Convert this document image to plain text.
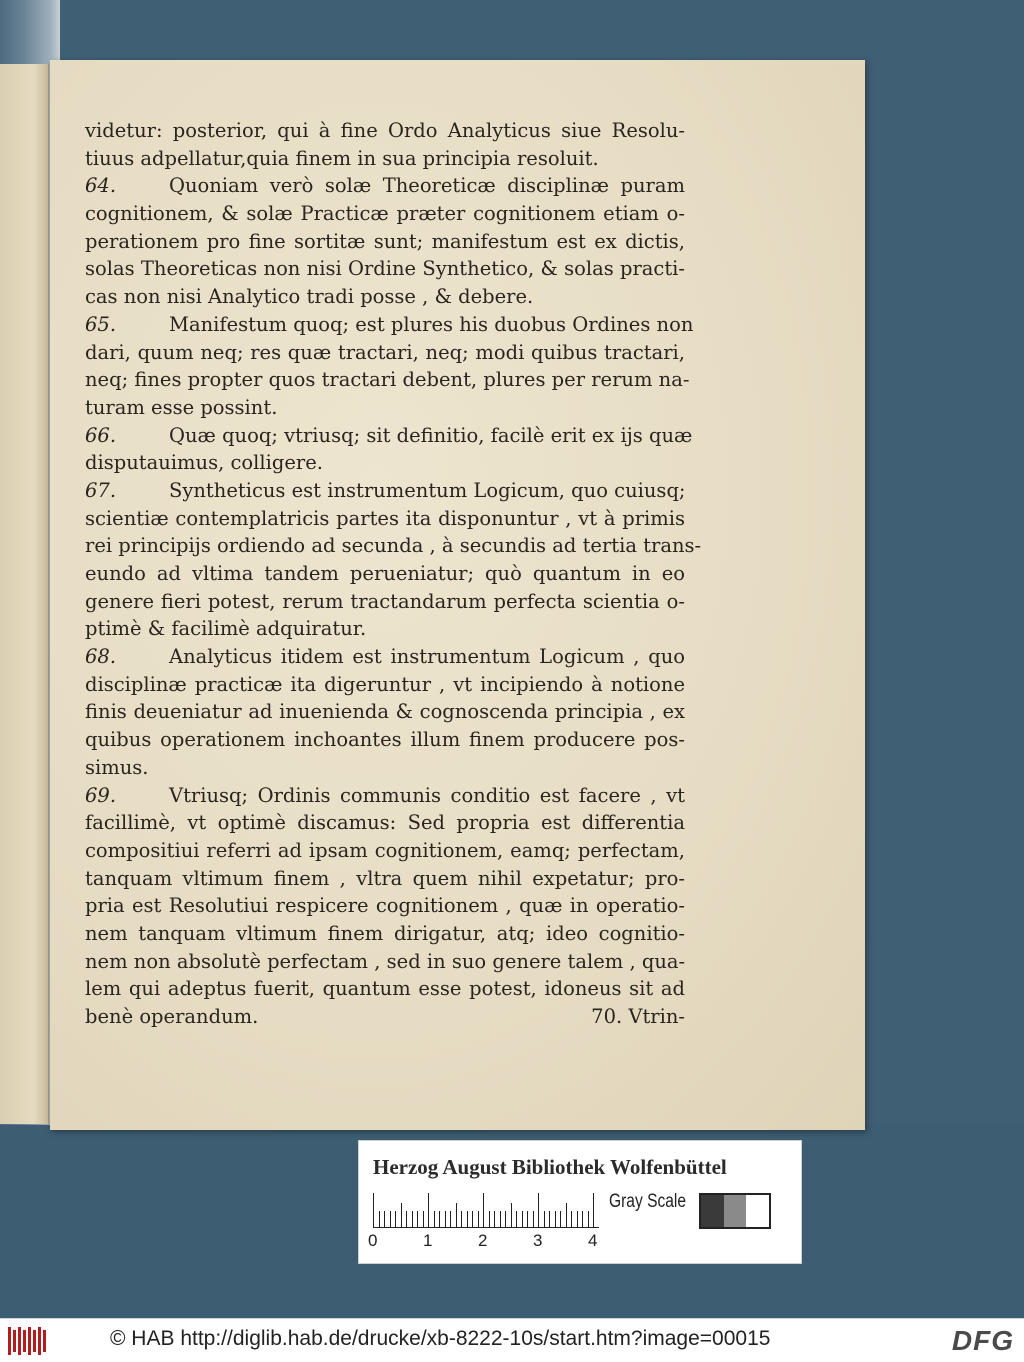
videtur: posterior, qui à fine Ordo Analyticus siue Resolu-
tiuus adpellatur,quia finem in sua principia resoluit.
64.	Quoniam verò solæ Theoreticæ disciplinæ puram
cognitionem, & solæ Practicæ præter cognitionem etiam o-
perationem pro fine sortitæ sunt; manifestum est ex dictis,
solas Theoreticas non nisi Ordine Synthetico, & solas practi-
cas non nisi Analytico tradi posse , & debere.
65.	Manifestum quoq; est plures his duobus Ordines non
dari, quum neq; res quæ tractari, neq; modi quibus tractari,
neq; fines propter quos tractari debent, plures per rerum na-
turam esse possint.
66.	Quæ quoq; vtriusq; sit definitio, facilè erit ex ijs quæ
disputauimus, colligere.
67.	Syntheticus est instrumentum Logicum, quo cuiusq;
scientiæ contemplatricis partes ita disponuntur , vt à primis
rei principijs ordiendo ad secunda , à secundis ad tertia trans-
eundo ad vltima tandem perueniatur; quò quantum in eo
genere fieri potest, rerum tractandarum perfecta scientia o-
ptimè & facilimè adquiratur.
68.	Analyticus itidem est instrumentum Logicum , quo
disciplinæ practicæ ita digeruntur , vt incipiendo à notione
finis deueniatur ad inuenienda & cognoscenda principia , ex
quibus operationem inchoantes illum finem producere pos-
simus.
69.	Vtriusq; Ordinis communis conditio est facere , vt
facillimè, vt optimè discamus: Sed propria est differentia
compositiui referri ad ipsam cognitionem, eamq; perfectam,
tanquam vltimum finem , vltra quem nihil expetatur; pro-
pria est Resolutiui respicere cognitionem , quæ in operatio-
nem tanquam vltimum finem dirigatur, atq; ideo cognitio-
nem non absolutè perfectam , sed in suo genere talem , qua-
lem qui adeptus fuerit, quantum esse potest, idoneus sit ad
benè operandum.	70. Vtrin-
Herzog August Bibliothek Wolfenbüttel
0	1	2	3	4
Gray Scale
© HAB http://diglib.hab.de/drucke/xb-8222-10s/start.htm?image=00015	DFG
